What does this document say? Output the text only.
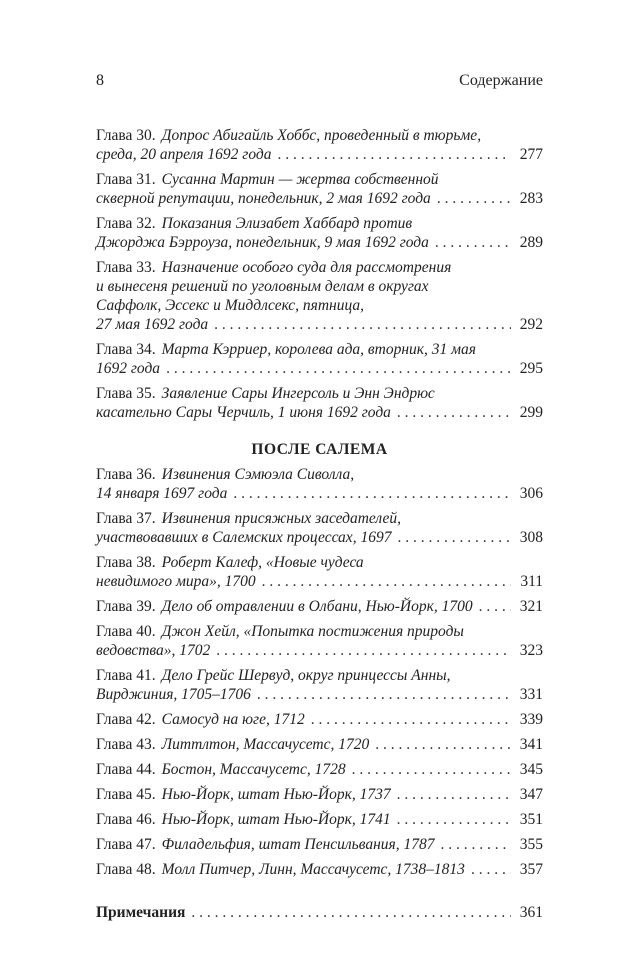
8	Содержание
Глава 30. Допрос Абигайль Хоббс, проведенный в тюрьме,
среда, 20 апреля 1692 года . . .	277
Глава 31. Сусанна Мартин — жертва собственной
скверной репутации, понедельник, 2 мая 1692 года . . .	283
Глава 32. Показания Элизабет Хаббард против
Джорджа Бэрроуза, понедельник, 9 мая 1692 года . . .	289
Глава 33. Назначение особого суда для рассмотрения
и вынесеня решений по уголовным делам в округах
Саффолк, Эссекс и Миддлсекс, пятница,
27 мая 1692 года . . .	292
Глава 34. Марта Кэрриер, королева ада, вторник, 31 мая
1692 года . . .	295
Глава 35. Заявление Сары Ингерсоль и Энн Эндрюс
касательно Сары Черчиль, 1 июня 1692 года . . .	299
ПОСЛЕ САЛЕМА
Глава 36. Извинения Сэмюэла Сиволла,
14 января 1697 года . . .	306
Глава 37. Извинения присяжных заседателей,
участвовавших в Салемских процессах, 1697 . . .	308
Глава 38. Роберт Калеф, «Новые чудеса
невидимого мира», 1700 . . .	311
Глава 39. Дело об отравлении в Олбани, Нью-Йорк, 1700 . . .	321
Глава 40. Джон Хейл, «Попытка постижения природы
ведовства», 1702 . . .	323
Глава 41. Дело Грейс Шервуд, округ принцессы Анны,
Вирджиния, 1705–1706 . . .	331
Глава 42. Самосуд на юге, 1712 . . .	339
Глава 43. Литтлтон, Массачусетс, 1720 . . .	341
Глава 44. Бостон, Массачусетс, 1728 . . .	345
Глава 45. Нью-Йорк, штат Нью-Йорк, 1737 . . .	347
Глава 46. Нью-Йорк, штат Нью-Йорк, 1741 . . .	351
Глава 47. Филадельфия, штат Пенсильвания, 1787 . . .	355
Глава 48. Молл Питчер, Линн, Массачусетс, 1738–1813 . . .	357
Примечания . . .	361
